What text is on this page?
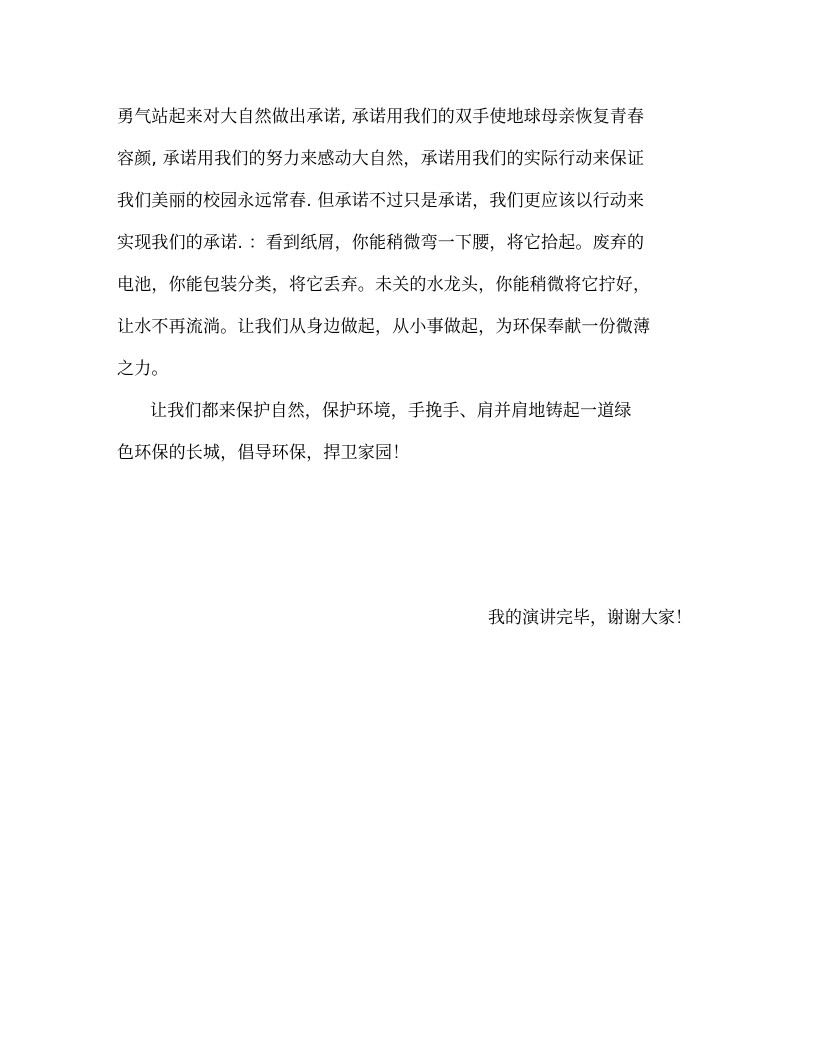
勇气站起来对大自然做出承诺, 承诺用我们的双手使地球母亲恢复青春
容颜, 承诺用我们的努力来感动大自然，承诺用我们的实际行动来保证
我们美丽的校园永远常春. 但承诺不过只是承诺，我们更应该以行动来
实现我们的承诺. ：看到纸屑，你能稍微弯一下腰，将它拾起。废弃的
电池，你能包装分类，将它丢弃。未关的水龙头，你能稍微将它拧好，
让水不再流淌。让我们从身边做起，从小事做起，为环保奉献一份微薄
之力。
让我们都来保护自然，保护环境，手挽手、肩并肩地铸起一道绿
色环保的长城，倡导环保，捍卫家园！
我的演讲完毕，谢谢大家！
